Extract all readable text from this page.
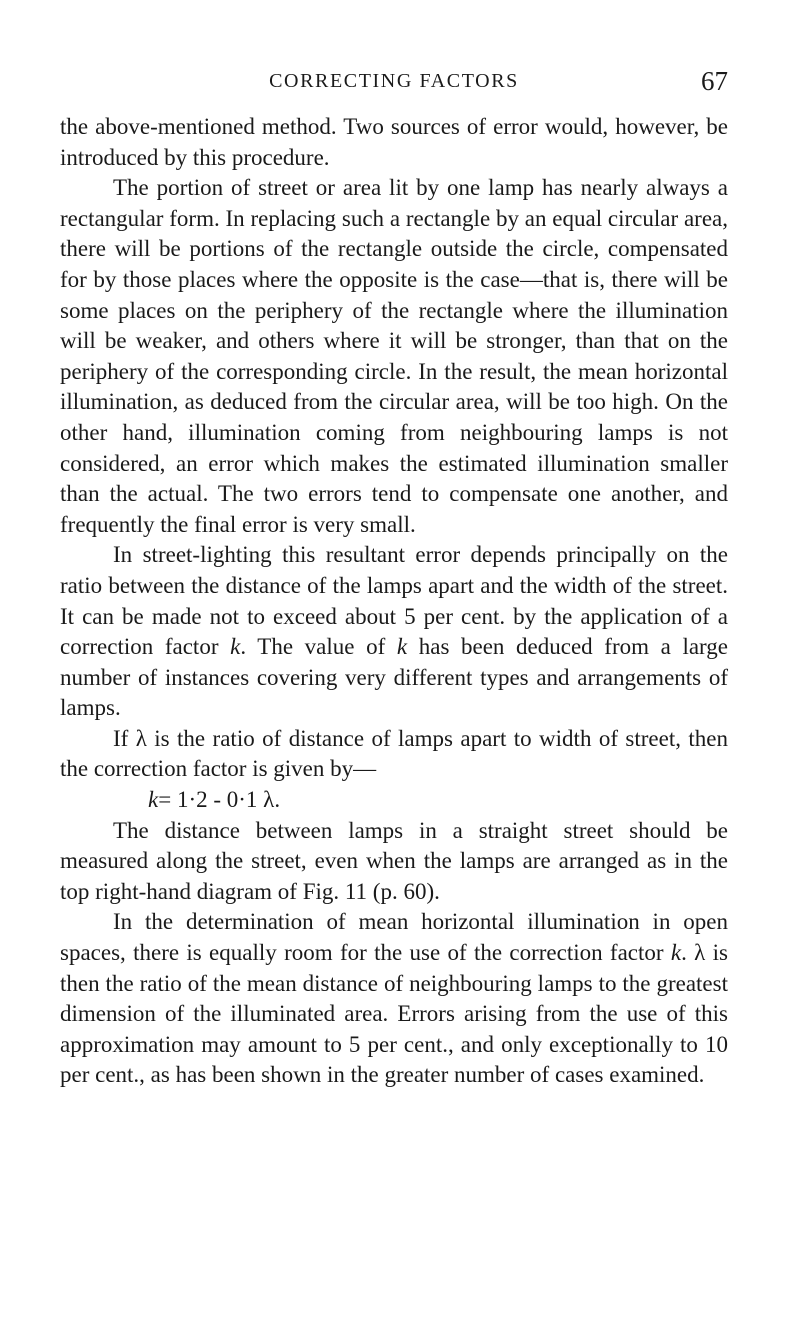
CORRECTING FACTORS	67

the above-mentioned method. Two sources of error would, however, be introduced by this procedure.

The portion of street or area lit by one lamp has nearly always a rectangular form. In replacing such a rectangle by an equal circular area, there will be portions of the rectangle outside the circle, compensated for by those places where the opposite is the case—that is, there will be some places on the periphery of the rectangle where the illumination will be weaker, and others where it will be stronger, than that on the periphery of the corresponding circle. In the result, the mean horizontal illumination, as deduced from the circular area, will be too high. On the other hand, illumination coming from neighbouring lamps is not considered, an error which makes the estimated illumination smaller than the actual. The two errors tend to compensate one another, and frequently the final error is very small.

In street-lighting this resultant error depends principally on the ratio between the distance of the lamps apart and the width of the street. It can be made not to exceed about 5 per cent. by the application of a correction factor k. The value of k has been deduced from a large number of instances covering very different types and arrangements of lamps.

If λ is the ratio of distance of lamps apart to width of street, then the correction factor is given by—

k= 1·2 - 0·1 λ.

The distance between lamps in a straight street should be measured along the street, even when the lamps are arranged as in the top right-hand diagram of Fig. 11 (p. 60).

In the determination of mean horizontal illumination in open spaces, there is equally room for the use of the correction factor k. λ is then the ratio of the mean distance of neighbouring lamps to the greatest dimension of the illuminated area. Errors arising from the use of this approximation may amount to 5 per cent., and only exceptionally to 10 per cent., as has been shown in the greater number of cases examined.
